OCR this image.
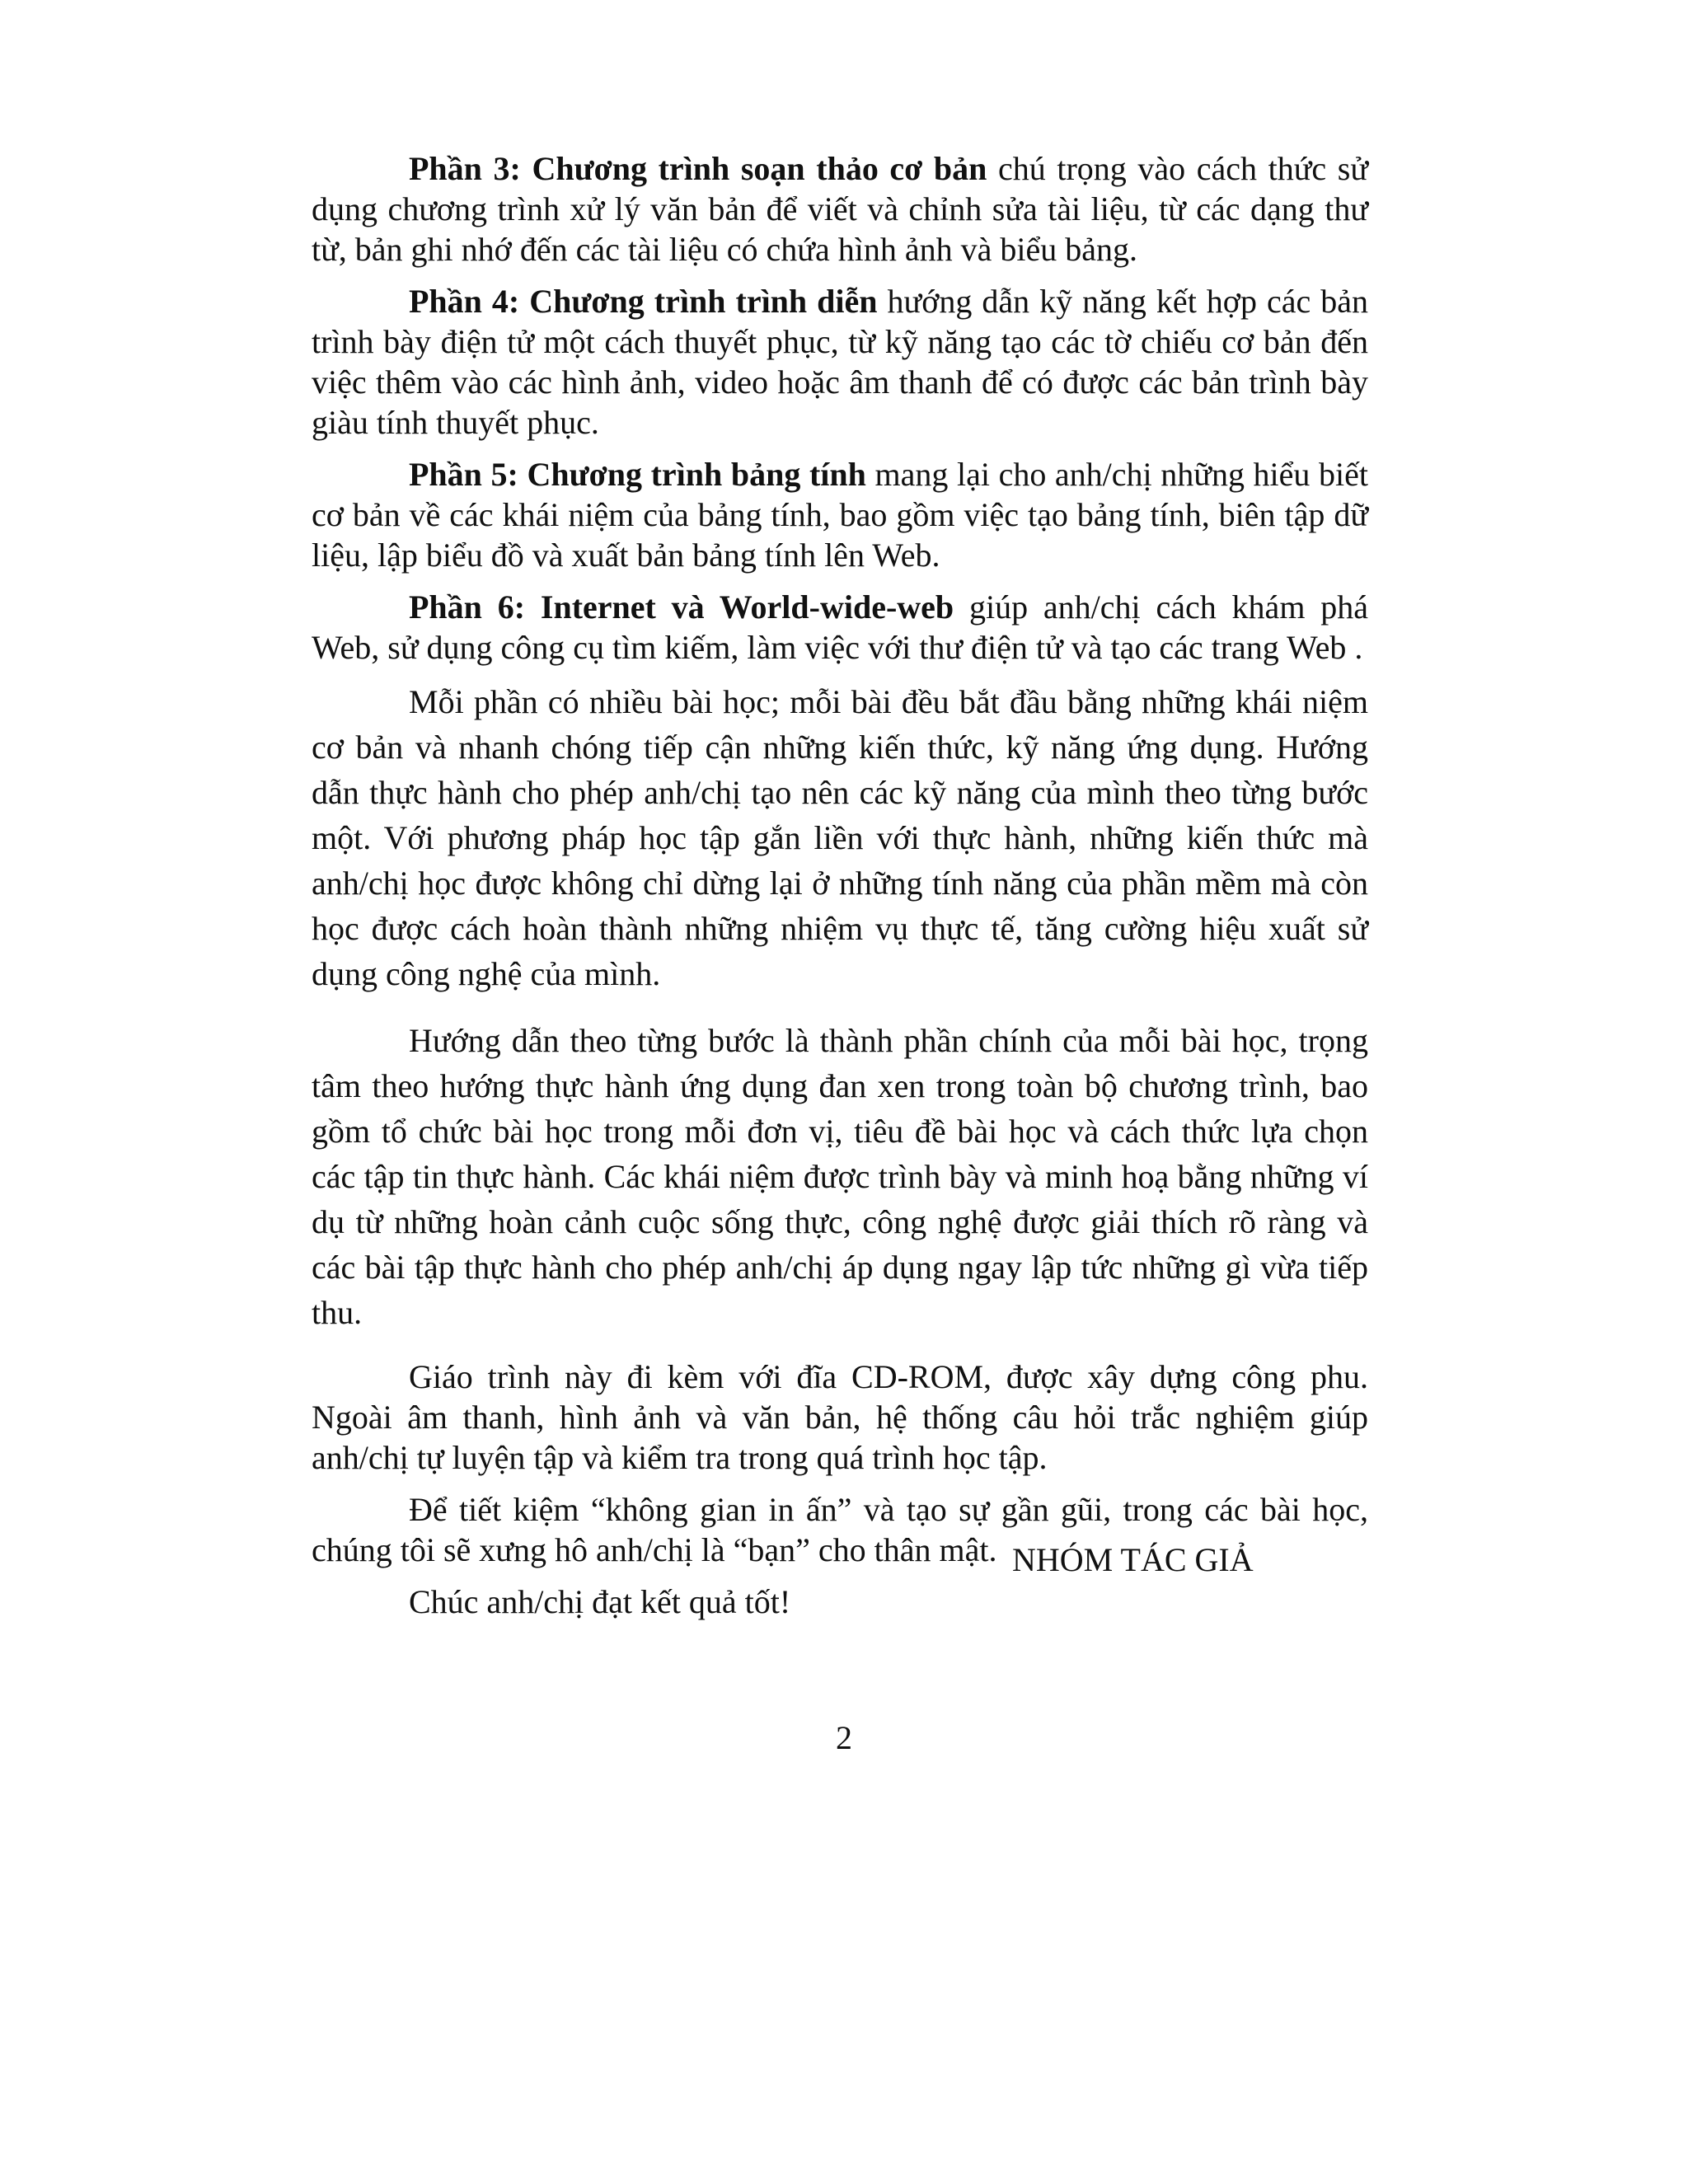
Phần 3: Chương trình soạn thảo cơ bản chú trọng vào cách thức sử dụng chương trình xử lý văn bản để viết và chỉnh sửa tài liệu, từ các dạng thư từ, bản ghi nhớ đến các tài liệu có chứa hình ảnh và biểu bảng.

Phần 4: Chương trình trình diễn hướng dẫn kỹ năng kết hợp các bản trình bày điện tử một cách thuyết phục, từ kỹ năng tạo các tờ chiếu cơ bản đến việc thêm vào các hình ảnh, video hoặc âm thanh để có được các bản trình bày giàu tính thuyết phục.

Phần 5: Chương trình bảng tính mang lại cho anh/chị những hiểu biết cơ bản về các khái niệm của bảng tính, bao gồm việc tạo bảng tính, biên tập dữ liệu, lập biểu đồ và xuất bản bảng tính lên Web.

Phần 6: Internet và World-wide-web giúp anh/chị cách khám phá Web, sử dụng công cụ tìm kiếm, làm việc với thư điện tử và tạo các trang Web .

Mỗi phần có nhiều bài học; mỗi bài đều bắt đầu bằng những khái niệm cơ bản và nhanh chóng tiếp cận những kiến thức, kỹ năng ứng dụng. Hướng dẫn thực hành cho phép anh/chị tạo nên các kỹ năng của mình theo từng bước một. Với phương pháp học tập gắn liền với thực hành, những kiến thức mà anh/chị học được không chỉ dừng lại ở những tính năng của phần mềm mà còn học được cách hoàn thành những nhiệm vụ thực tế, tăng cường hiệu xuất sử dụng công nghệ của mình.

Hướng dẫn theo từng bước là thành phần chính của mỗi bài học, trọng tâm theo hướng thực hành ứng dụng đan xen trong toàn bộ chương trình, bao gồm tổ chức bài học trong mỗi đơn vị, tiêu đề bài học và cách thức lựa chọn các tập tin thực hành. Các khái niệm được trình bày và minh hoạ bằng những ví dụ từ những hoàn cảnh cuộc sống thực, công nghệ được giải thích rõ ràng và các bài tập thực hành cho phép anh/chị áp dụng ngay lập tức những gì vừa tiếp thu.

Giáo trình này đi kèm với đĩa CD-ROM, được xây dựng công phu. Ngoài âm thanh, hình ảnh và văn bản, hệ thống câu hỏi trắc nghiệm giúp anh/chị tự luyện tập và kiểm tra trong quá trình học tập.

Để tiết kiệm “không gian in ấn” và tạo sự gần gũi, trong các bài học, chúng tôi sẽ xưng hô anh/chị là “bạn” cho thân mật.

Chúc anh/chị đạt kết quả tốt!

NHÓM TÁC GIẢ
2
